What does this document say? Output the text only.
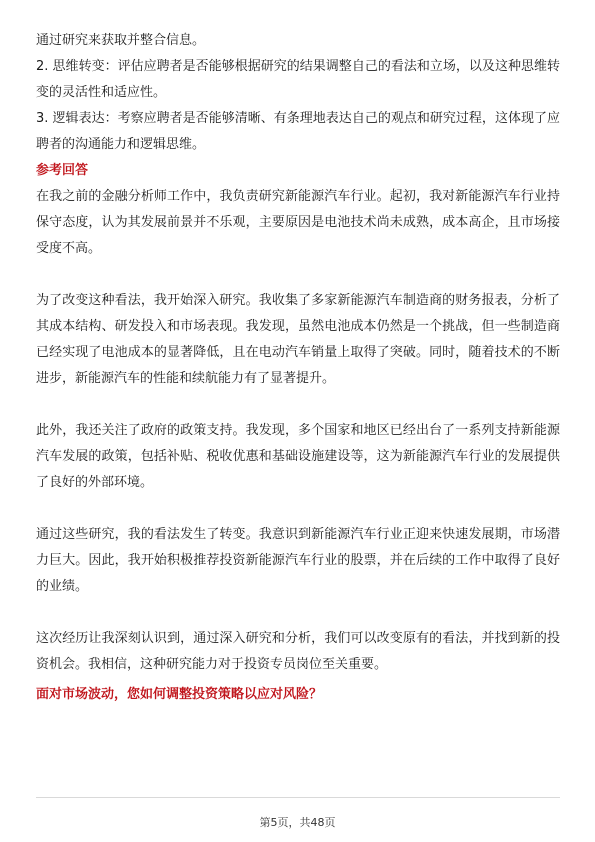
通过研究来获取并整合信息。

2. 思维转变：评估应聘者是否能够根据研究的结果调整自己的看法和立场，以及这种思维转变的灵活性和适应性。

3. 逻辑表达：考察应聘者是否能够清晰、有条理地表达自己的观点和研究过程，这体现了应聘者的沟通能力和逻辑思维。

参考回答

在我之前的金融分析师工作中，我负责研究新能源汽车行业。起初，我对新能源汽车行业持保守态度，认为其发展前景并不乐观，主要原因是电池技术尚未成熟，成本高企，且市场接受度不高。

为了改变这种看法，我开始深入研究。我收集了多家新能源汽车制造商的财务报表，分析了其成本结构、研发投入和市场表现。我发现，虽然电池成本仍然是一个挑战，但一些制造商已经实现了电池成本的显著降低，且在电动汽车销量上取得了突破。同时，随着技术的不断进步，新能源汽车的性能和续航能力有了显著提升。

此外，我还关注了政府的政策支持。我发现，多个国家和地区已经出台了一系列支持新能源汽车发展的政策，包括补贴、税收优惠和基础设施建设等，这为新能源汽车行业的发展提供了良好的外部环境。

通过这些研究，我的看法发生了转变。我意识到新能源汽车行业正迎来快速发展期，市场潜力巨大。因此，我开始积极推荐投资新能源汽车行业的股票，并在后续的工作中取得了良好的业绩。

这次经历让我深刻认识到，通过深入研究和分析，我们可以改变原有的看法，并找到新的投资机会。我相信，这种研究能力对于投资专员岗位至关重要。

面对市场波动，您如何调整投资策略以应对风险？

第5页，共48页
